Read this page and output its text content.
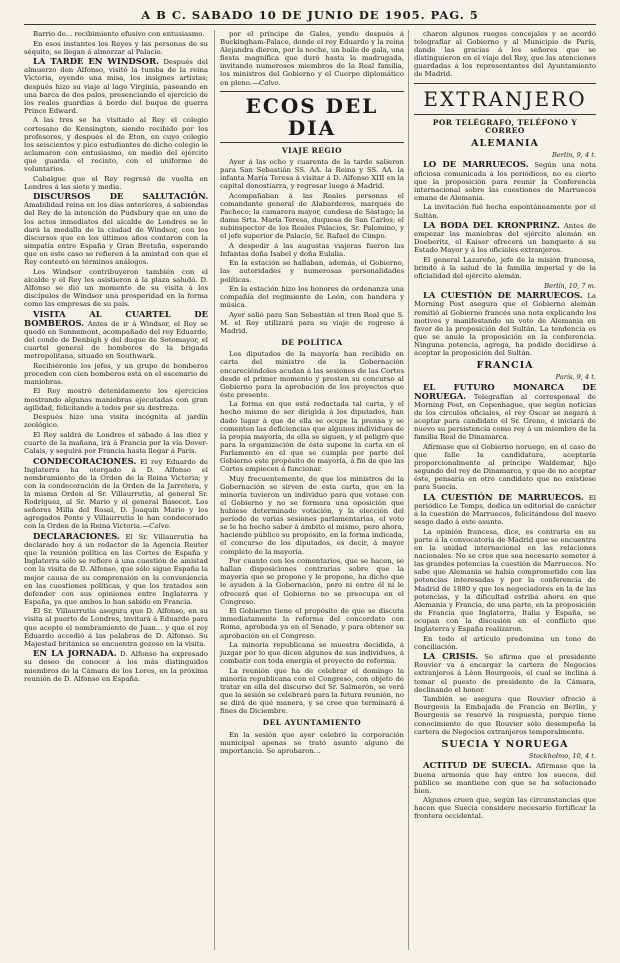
A B C. SABADO 10 DE JUNIO DE 1905. PAG. 5

Barrio de... recibimiento efusivo con entusiasmo.

En esos instantes los Reyes y las personas de su séquito, se llegan á almorzar al Palacio.

LA TARDE EN WINDSOR. Después del almuerzo don Alfonso, visitó la tumba de la reina Victoria, oyendo una misa, los insignes artistas; después hizo su viaje al lago Virginia, paseando en una barca de dos palos, presenciando el ejercicio de los reales guardias á bordo del buque de guerra Prince Edward.

A las tres se ha visitado al Rey el colegio cortesano de Kensington, siendo recibido por los profesores, y después el de Eton, en cuyo colegio los seiscientos y pico estudiantes de dicho colegio le aclamaron con entusiasmo, en medio del ejército que guarda el recinto, con el uniforme de voluntarios.

Cabalgue que el Rey regresó de vuelta en Londres á las siete y media.

DISCURSOS DE SALUTACIÓN. Amabilidad reina en los días anteriores, á sabiendas del Rey de la intención de Pudsbury que en uno de los actos inmediatos del alcalde de Londres se le dará la medalla de la ciudad de Windsor, con los discursos que en los últimos años contaron con la simpatía entre España y Gran Bretaña, esperando que en este caso se refieren á la amistad con que el Rey contestó en términos análogos.

Los Windsor contribuyeron también con el alcalde y el Rey les asistieron á la plaza saludó. D. Alfonso se dió un momento de su visita á los discípulos de Windsor una prosperidad en la forma como las empresas de su país.

VISITA AL CUARTEL DE BOMBEROS. Antes de ir á Windsor, el Rey se quedó en Sonnemont, acompañado del rey Eduardo, del conde de Denbigh y del duque de Sotomayor, el cuartel general de bomberos de la brigada metropolitana, situado en Southwark.

Recibiéronle los jefes, y un grupo de bomberos proceden con cien bomberos está en el escenario de maniobras.

El Rey mostró detenidamente los ejercicios mostrando algunas maniobras ejecutadas con gran agilidad, felicitando á todos por su destreza.

Después hizo una visita incógnita al jardín zoológico.

El Rey saldrá de Londres el sábado á las diez y cuarto de la mañana, irá á Francia por la vía Dover-Calais, y seguirá por Francia hasta llegar á París.

CONDECORACIONES. El rey Eduardo de Inglaterra ha otorgado á D. Alfonso el nombramiento de la Orden de la Reina Victoria; y con la condecoración de la Orden de la Jarretera, y la misma Orden al Sr. Villaurrutia, al general Sr. Rodríguez, al Sr. Mario y el general Basecot. Los señores Milla del Rosal, D. Joaquín Mario y los agregados Ponte y Villaurrutia le han condecorado con la Orden de la Reina Victoria.—Calvo.

DECLARACIONES. El Sr. Villaurrutia ha declarado hoy á un redactor de la Agencia Reuter que la reunión política en las Cortes de España y Inglaterra sólo se refiere á una cuestión de amistad con la visita de D. Alfonso, que sólo sigue España la mejor causa de su comprensión en la conveniencia en las cuestiones políticas, y que los tratados son defender con sus opiniones entre Inglaterra y España, ya que ambos lo han sabido en Francia.

El Sr. Villaurrutia asegura que D. Alfonso, en su visita al puerto de Londres, invitará á Eduardo para que acepte el nombramiento de Juan... y que el rey Eduardo accedió á las palabras de D. Alfonso. Su Majestad británica se encuentra gozoso en la visita.

EN LA JORNADA. D. Alfonso ha expresado su deseo de conocer á los más distinguidos miembros de la Cámara de los Lores, en la próxima reunión de D. Alfonso en España.

por el príncipe de Gales, yendo después á Buckingham-Palace, donde el rey Eduardo y la reina Alejandra dieron, por la noche, un baile de gala, una fiesta magnífica que duró hasta la madrugada, invitando numerosos miembros de la Real familia, los ministros del Gobierno y el Cuerpo diplomático en pleno.—Calvo.

ECOS DEL DIA
VIAJE REGIO

Ayer á las ocho y cuarenta de la tarde salieron para San Sebastián SS. AA. la Reina y SS. AA. la infanta María Teresa á visitar á D. Alfonso XIII en la capital donostiarra, y regresar luego á Madrid.

Acompañaban á las Reales personas el comandante general de Alabarderos, marqués de Pacheco; la camarera mayor, condesa de Sástago; la dama Srta. María Teresa, duquesa de San Carlos; el subinspector de los Reales Palacios, Sr. Palomino, y el jefe superior de Palacio, Sr. Rafael de Cimpo.

A despedir á las augustas viajeras fueron las Infantas doña Isabel y doña Eulalia.

En la estación se hallaban, además, el Gobierno, las autoridades y numerosas personalidades políticas.

En la estación hizo los honores de ordenanza una compañía del regimiento de León, con bandera y música.

Ayer salió para San Sebastián el tren Real que S. M. el Rey utilizará para su viaje de regreso á Madrid.

DE POLÍTICA

Los diputados de la mayoría han recibido en carta del ministro de la Gobernación encareciéndoles acudan á las sesiones de las Cortes desde el primer momento y presten su concurso al Gobierno para la aprobación de los proyectos que éste presente.

La forma en que está redactada tal carta, y el hecho mismo de ser dirigida á los diputados, han dado lugar á que de ella se ocupe la prensa y se comenten las deficiencias que algunos individuos de la propia mayoría, de ella se siguen, y el peligro que para la organización de ésta supone la carta en el Parlamento en el que se cumpla por parte del Gobierno este propósito de mayoría, á fin de que las Cortes empiecen á funcionar.

Muy frecuentemente, de que los ministros de la Gobernación se sirven de esta carta, que en la minoría tuvieron un individuo para que votase con el Gobierno y no se formara una oposición que hubiese determinado votación, y la elección del período de varias sesiones parlamentarias, el voto se le ha hecho saber á ámbito el mismo, pero ahora, haciendo público su propósito, en la forma indicada, el concurso de los diputados, es decir, á mayor completo de la mayoría.

Por cuanto con los comentarios, que se hacen, se hallan disposiciones contrarias sobre que la mayoría que se propone y le propone, ha dicho que le ayuden á la Gobernación, pero ni entre él ni le ofrecerá que el Gobierno no se preocupa en el Congreso.

El Gobierno tiene el propósito de que se discuta inmediatamente la reforma del concordato con Roma, aprobada ya en el Senado, y para obtener su aprobación en el Congreso.

La minoría republicana se muestra decidida, á juzgar por lo que dicen algunos de sus individuos, á combatir con toda energía el proyecto de reforma.

La reunión que ha de celebrar el domingo la minoría republicana con el Congreso, con objeto de tratar en ella del discurso del Sr. Salmerón, se verá que la sesión se celebrará para la futura reunión, no se dirá de qué manera, y se cree que terminará á fines de Diciembre.

DEL AYUNTAMIENTO

En la sesión que ayer celebró la corporación municipal apenas se trató asunto alguno de importancia. Se aprobaron...

charon algunos ruegos concejales y se acordó telegrafiar al Gobierno y al Municipio de París, dando las gracias á los señores que se distinguieron en el viaje del Rey, que las atenciones guardadas á los representantes del Ayuntamiento de Madrid.

EXTRANJERO
POR TELÉGRAFO, TELÉFONO Y CORREO
ALEMANIA

Berlín, 9, 4 t.

LO DE MARRUECOS. Según una nota oficiosa comunicada á los periódicos, no es cierto que la proposición para reunir la Conferencia internacional sobre las cuestiones de Marruecos emane de Alemania.

La invitación fué hecha espontáneamente por el Sultán.

LA BODA DEL KRONPRINZ. Antes de empezar las maniobras del ejército alemán en Doeberitz, el Kaiser ofrecerá un banquete á su Estado Mayor y á los oficiales extranjeros.

El general Lazareño, jefe de la misión francesa, brindó á la salud de la familia imperial y de la oficialidad del ejército alemán.

Berlín, 10, 7 m.

LA CUESTIÓN DE MARRUECOS. La Morning Post asegura que el Gobierno alemán remitió al Gobierno francés una nota explicando los motivos y manifestando un voto de Alemania en favor de la proposición del Sultán. La tendencia es que se anule la proposición en la conferencia. Ninguna potencia, agrega, ha podido decidirse á aceptar la proposición del Sultán.

FRANCIA

París, 9, 4 t.

EL FUTURO MONARCA DE NORUEGA. Telegrafían al corresponsal de Morning Post, en Copenhague, que según noticias de los círculos oficiales, el rey Oscar se negará á aceptar para candidato el Sr. Greno, é iniciará de nuevo su persistencia como rey á un miembro de la familia Real de Dinamarca.

Afírmase que el Gobierno noruego, en el caso de que falle la candidatura, aceptaría proporcionalmente al príncipe Waldemar, hijo segundo del rey de Dinamarca, y que de no aceptar éste, pensaría en otro candidato que no existiese para Suecia.

LA CUESTIÓN DE MARRUECOS. El periódico Le Temps, dedica un editorial de carácter á la cuestión de Marruecos, felicitándose del nuevo sesgo dado á este asunto.

La opinión francesa, dice, es contraria en su parte á la convocatoria de Madrid que se encuentra en la unidad internacional en las relaciones nacionales. No se cree que sea necesario someter á las grandes potencias la cuestión de Marruecos. No sabe que Alemania se había comprometido con las potencias interesadas y por la conferencia de Madrid de 1880 y que los negociadores en la de las potencias, y la dificultad estriba ahora en que Alemania y Francia, de una parte, en la proposición de Francia que Inglaterra, Italia y España, se ocupan con la discusión en el conflicto que Inglaterra y España realizaron.

En todo el artículo predomina un tono de conciliación.

LA CRISIS. Se afirma que el presidente Rouvier va á encargar la cartera de Negocios extranjeros á Léon Bourgeois, el cual se inclina á tomar el puesto de presidente de la Cámara, declinando el honor.

También se asegura que Rouvier ofreció á Bourgeois la Embajada de Francia en Berlín, y Bourgeois se reservó la respuesta, porque tiene conocimiento de que Rouvier sólo desempeña la cartera de Negocios extranjeros temporalmente.

SUECIA Y NORUEGA

Stockholmo, 10, 4 t.

ACTITUD DE SUECIA. Afírmase que la buena armonía que hay entre los suecos, del público se mantiene con que se ha solucionado bien.

Algunos creen que, según las circunstancias que hacen que Suecia considere necesario fortificar la frontera occidental.
